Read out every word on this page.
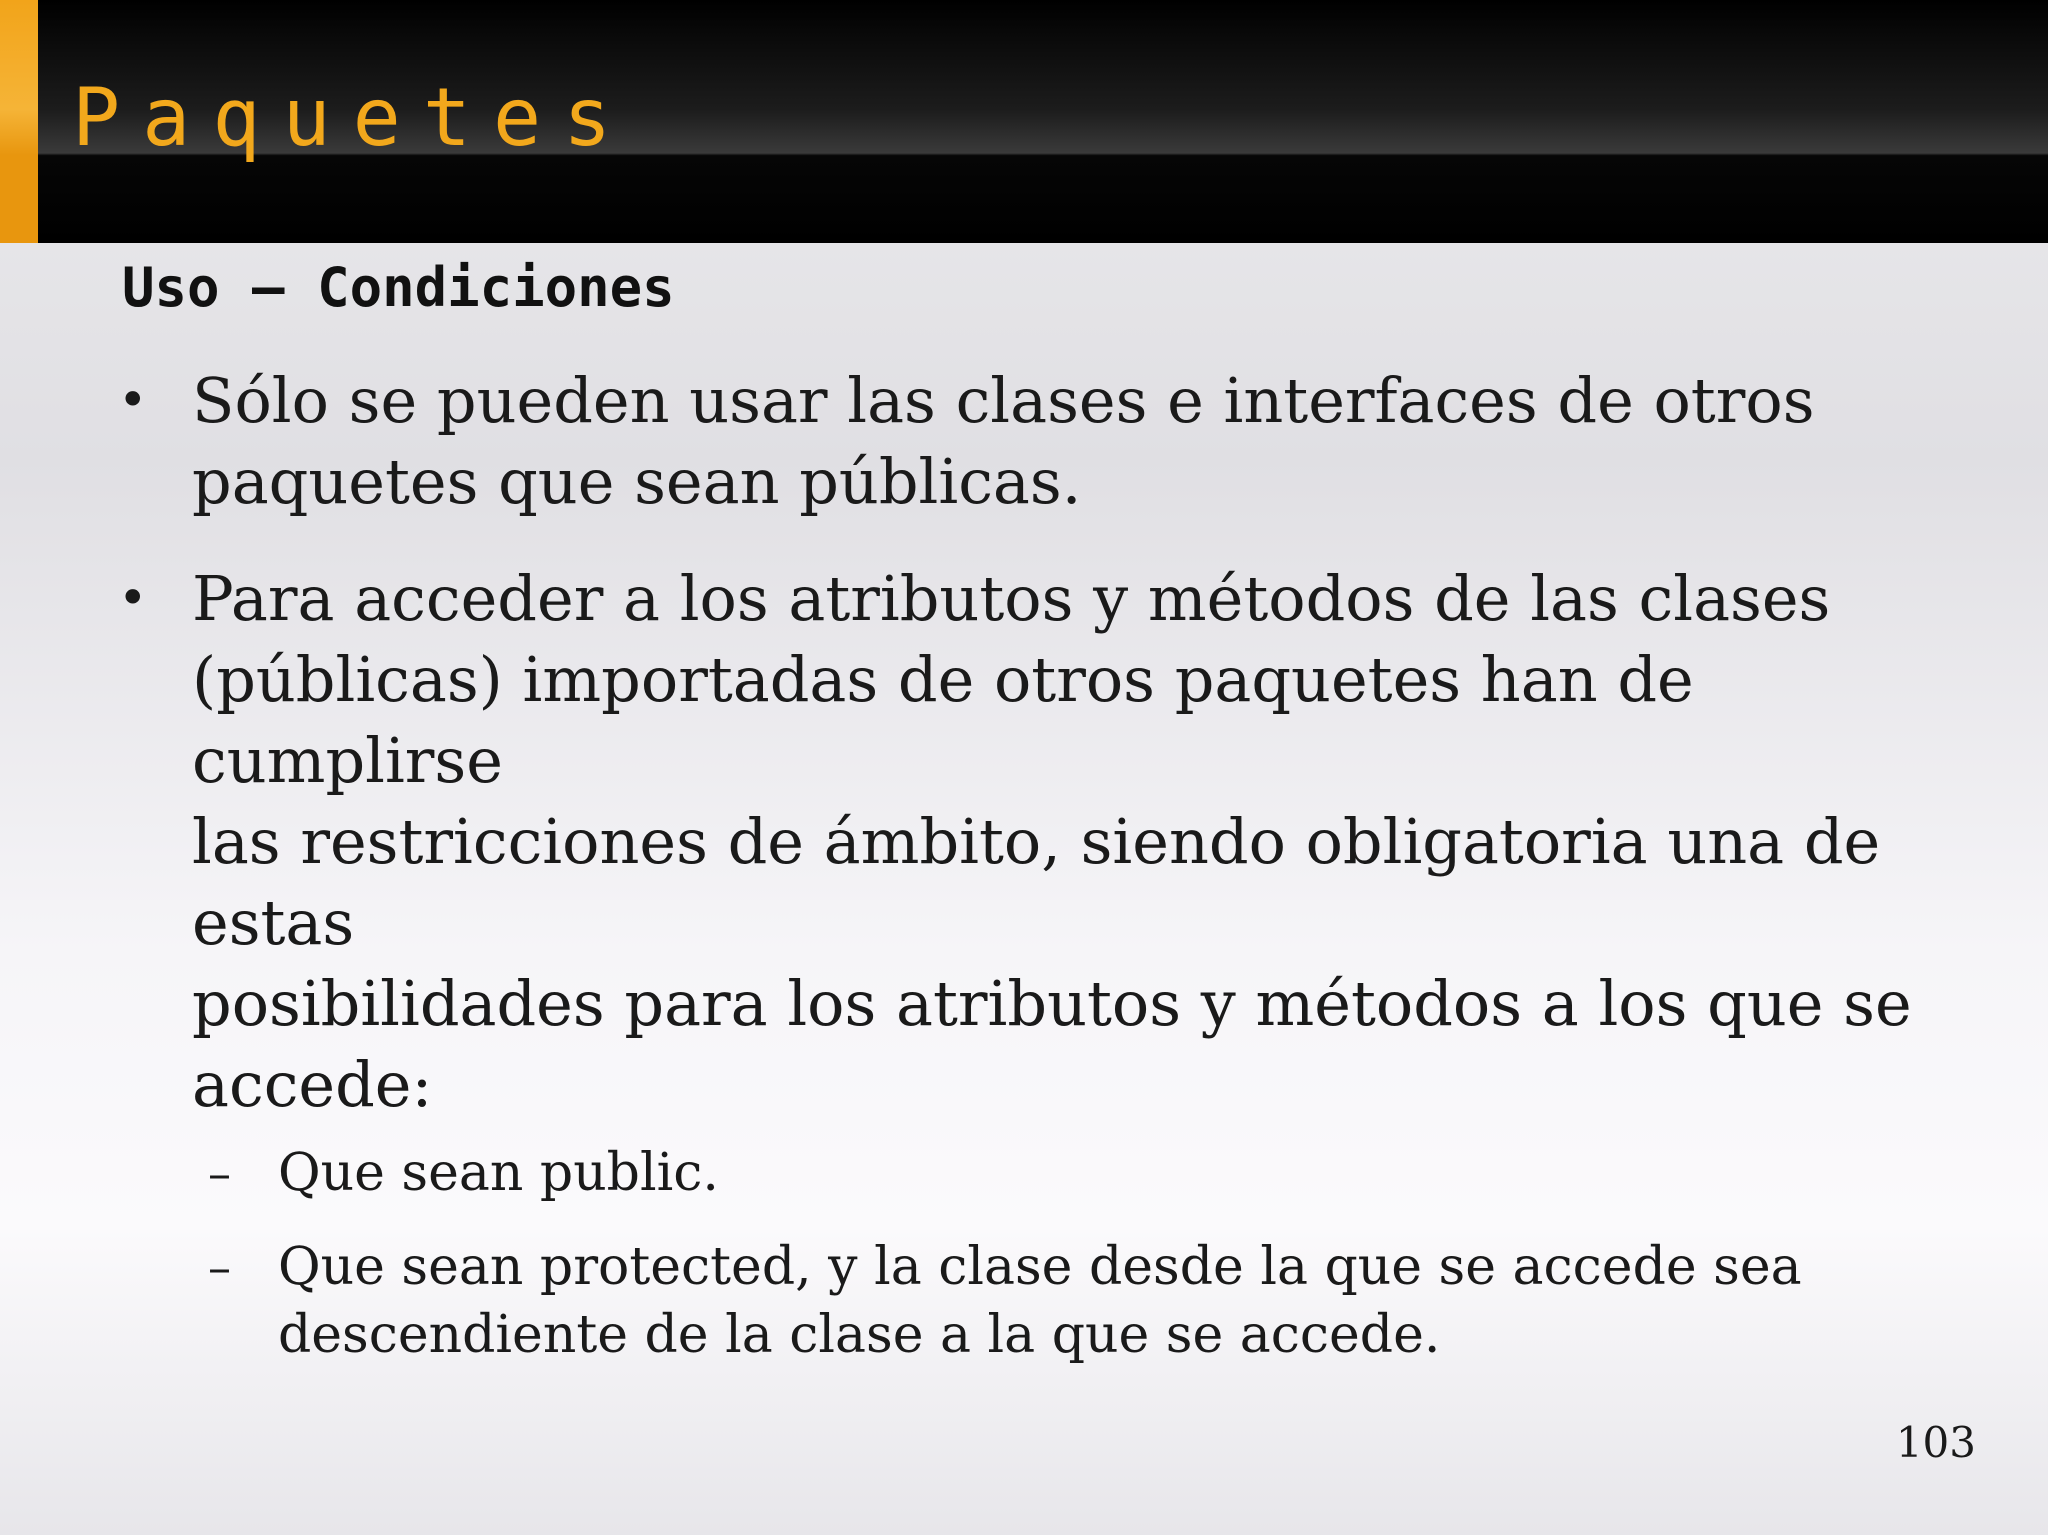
Paquetes
Uso – Condiciones
• Sólo se pueden usar las clases e interfaces de otros
paquetes que sean públicas.
• Para acceder a los atributos y métodos de las clases
(públicas) importadas de otros paquetes han de cumplirse
las restricciones de ámbito, siendo obligatoria una de estas
posibilidades para los atributos y métodos a los que se
accede:
– Que sean public.
– Que sean protected, y la clase desde la que se accede sea
descendiente de la clase a la que se accede.
103
